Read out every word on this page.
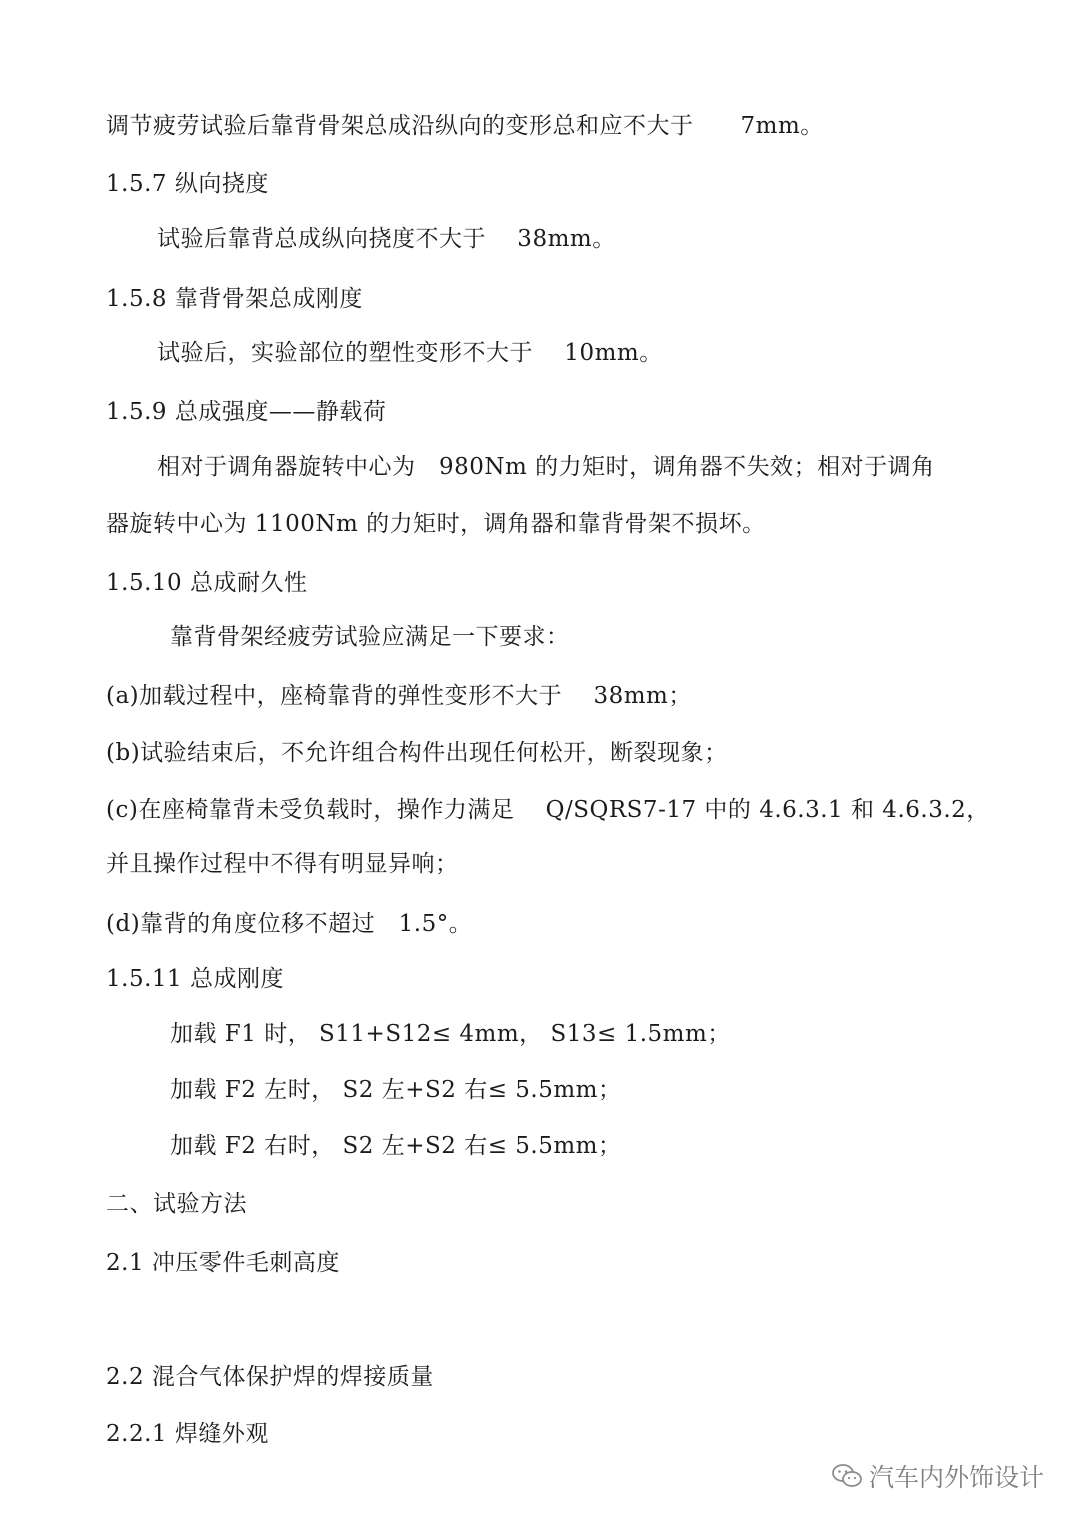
调节疲劳试验后靠背骨架总成沿纵向的变形总和应不大于　　7mm。
1.5.7 纵向挠度
试验后靠背总成纵向挠度不大于　 38mm。
1.5.8 靠背骨架总成刚度
试验后，实验部位的塑性变形不大于　 10mm。
1.5.9 总成强度——静载荷
相对于调角器旋转中心为　980Nm 的力矩时，调角器不失效；相对于调角
器旋转中心为 1100Nm 的力矩时，调角器和靠背骨架不损坏。
1.5.10 总成耐久性
靠背骨架经疲劳试验应满足一下要求：
(a)加载过程中，座椅靠背的弹性变形不大于　 38mm；
(b)试验结束后，不允许组合构件出现任何松开，断裂现象；
(c)在座椅靠背未受负载时，操作力满足　 Q/SQRS7-17 中的 4.6.3.1 和 4.6.3.2，
并且操作过程中不得有明显异响；
(d)靠背的角度位移不超过　1.5°。
1.5.11 总成刚度
加载 F1 时， S11+S12≤ 4mm， S13≤ 1.5mm；
加载 F2 左时， S2 左+S2 右≤ 5.5mm；
加载 F2 右时， S2 左+S2 右≤ 5.5mm；
二、试验方法
2.1 冲压零件毛刺高度
2.2 混合气体保护焊的焊接质量
2.2.1 焊缝外观
汽车内外饰设计
